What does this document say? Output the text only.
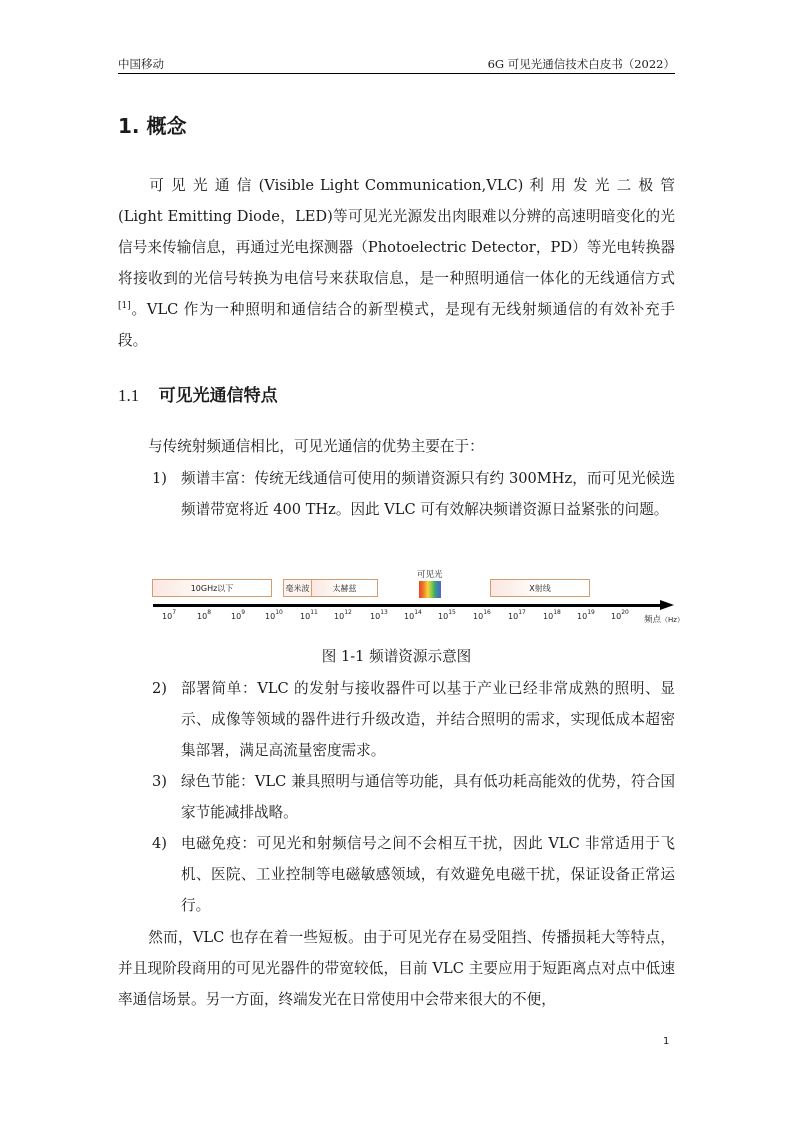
中国移动	6G 可见光通信技术白皮书（2022）
1. 概念
可 见 光 通 信 (Visible Light Communication,VLC) 利 用 发 光 二 极 管 (Light Emitting Diode，LED)等可见光光源发出肉眼难以分辨的高速明暗变化的光信号来传输信息，再通过光电探测器（Photoelectric Detector，PD）等光电转换器将接收到的光信号转换为电信号来获取信息，是一种照明通信一体化的无线通信方式[1]。VLC 作为一种照明和通信结合的新型模式，是现有无线射频通信的有效补充手段。
1.1 可见光通信特点
与传统射频通信相比，可见光通信的优势主要在于：
1) 频谱丰富：传统无线通信可使用的频谱资源只有约 300MHz，而可见光候选频谱带宽将近 400 THz。因此 VLC 可有效解决频谱资源日益紧张的问题。
10GHz以下	毫米波	太赫兹
可见光
X射线
$10^7$	$10^8$ $10^9$ $10^{10}$ $10^{11}$ $10^{12}$ $10^{13}$ $10^{14}$ $10^{15}$ $10^{16}$ $10^{17}$ $10^{18}$ $10^{19}$ $10^{20}$
频点（Hz）
图 1-1 频谱资源示意图
2) 部署简单：VLC 的发射与接收器件可以基于产业已经非常成熟的照明、显示、成像等领域的器件进行升级改造，并结合照明的需求，实现低成本超密集部署，满足高流量密度需求。
3) 绿色节能：VLC 兼具照明与通信等功能，具有低功耗高能效的优势，符合国家节能减排战略。
4) 电磁免疫：可见光和射频信号之间不会相互干扰，因此 VLC 非常适用于飞机、医院、工业控制等电磁敏感领域，有效避免电磁干扰，保证设备正常运行。
然而，VLC 也存在着一些短板。由于可见光存在易受阻挡、传播损耗大等特点，并且现阶段商用的可见光器件的带宽较低，目前 VLC 主要应用于短距离点对点中低速率通信场景。另一方面，终端发光在日常使用中会带来很大的不便，
1
